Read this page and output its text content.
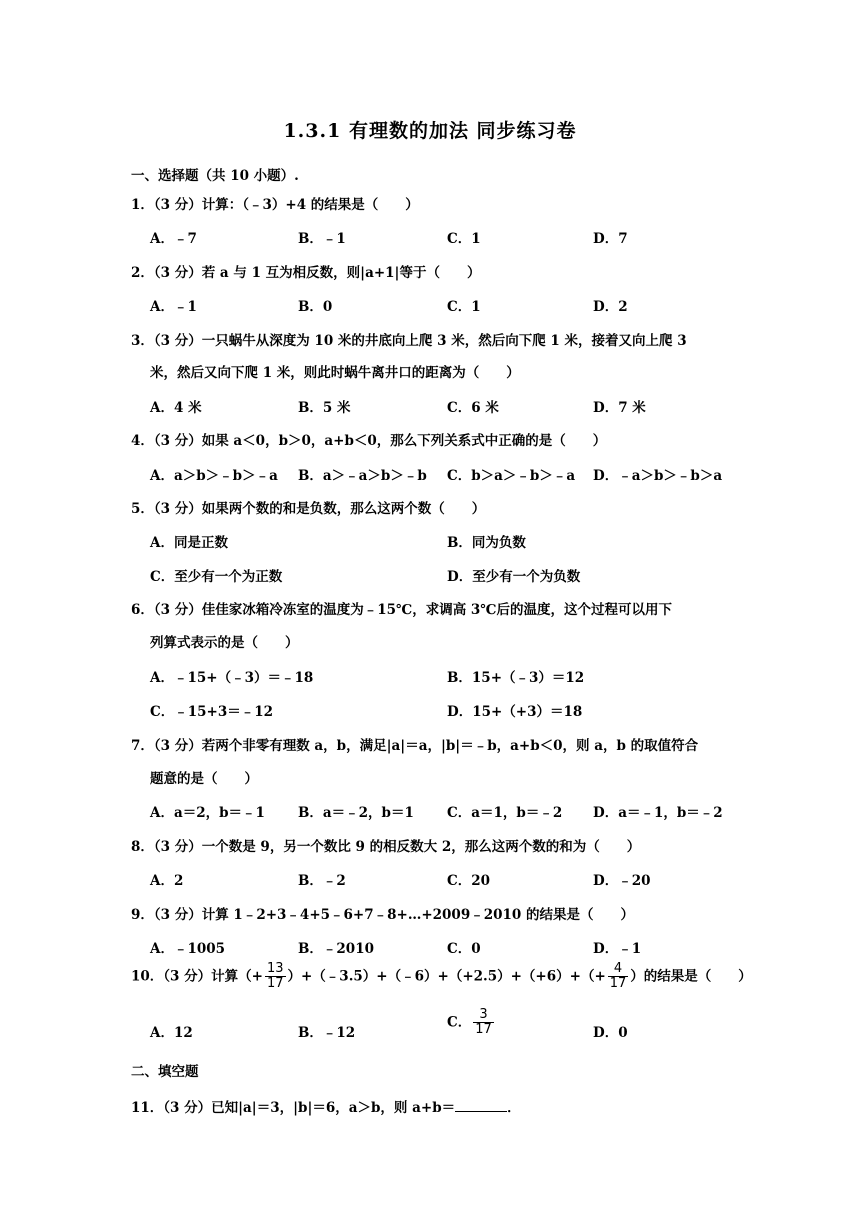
1.3.1 有理数的加法 同步练习卷
一、选择题（共 10 小题）.
1．（3 分）计算：（﹣3）+4 的结果是（　　）
A．﹣7	B．﹣1	C．1	D．7
2．（3 分）若 a 与 1 互为相反数，则|a+1|等于（　　）
A．﹣1	B．0	C．1	D．2
3．（3 分）一只蜗牛从深度为 10 米的井底向上爬 3 米，然后向下爬 1 米，接着又向上爬 3
米，然后又向下爬 1 米，则此时蜗牛离井口的距离为（　　）
A．4 米	B．5 米	C．6 米	D．7 米
4．（3 分）如果 a＜0，b＞0，a+b＜0，那么下列关系式中正确的是（　　）
A．a＞b＞﹣b＞﹣a B．a＞﹣a＞b＞﹣b C．b＞a＞﹣b＞﹣a D．﹣a＞b＞﹣b＞a
5．（3 分）如果两个数的和是负数，那么这两个数（　　）
A．同是正数	B．同为负数
C．至少有一个为正数	D．至少有一个为负数
6．（3 分）佳佳家冰箱冷冻室的温度为﹣15℃，求调高 3℃后的温度，这个过程可以用下
列算式表示的是（　　）
A．﹣15+（﹣3）＝﹣18	B．15+（﹣3）＝12
C．﹣15+3＝﹣12	D．15+（+3）＝18
7．（3 分）若两个非零有理数 a，b，满足|a|＝a，|b|＝﹣b，a+b＜0，则 a，b 的取值符合
题意的是（　　）
A．a＝2，b＝﹣1 B．a＝﹣2，b＝1 C．a＝1，b＝﹣2 D．a＝﹣1，b＝﹣2
8．（3 分）一个数是 9，另一个数比 9 的相反数大 2，那么这两个数的和为（　　）
A．2	B．﹣2	C．20	D．﹣20
9．（3 分）计算 1﹣2+3﹣4+5﹣6+7﹣8+…+2009﹣2010 的结果是（　　）
A．﹣1005	B．﹣2010	C．0	D．﹣1
10．（3 分）计算（+ $\frac{13}{17}$ ）+（﹣3.5）+（﹣6）+（+2.5）+（+6）+（+ $\frac{4}{17}$ ）的结果是（　　）
A．12	B．﹣12
C． $\frac{3}{17}$	D．0
二、填空题
11．（3 分）已知|a|＝3，|b|＝6，a＞b，则 a+b＝	．
